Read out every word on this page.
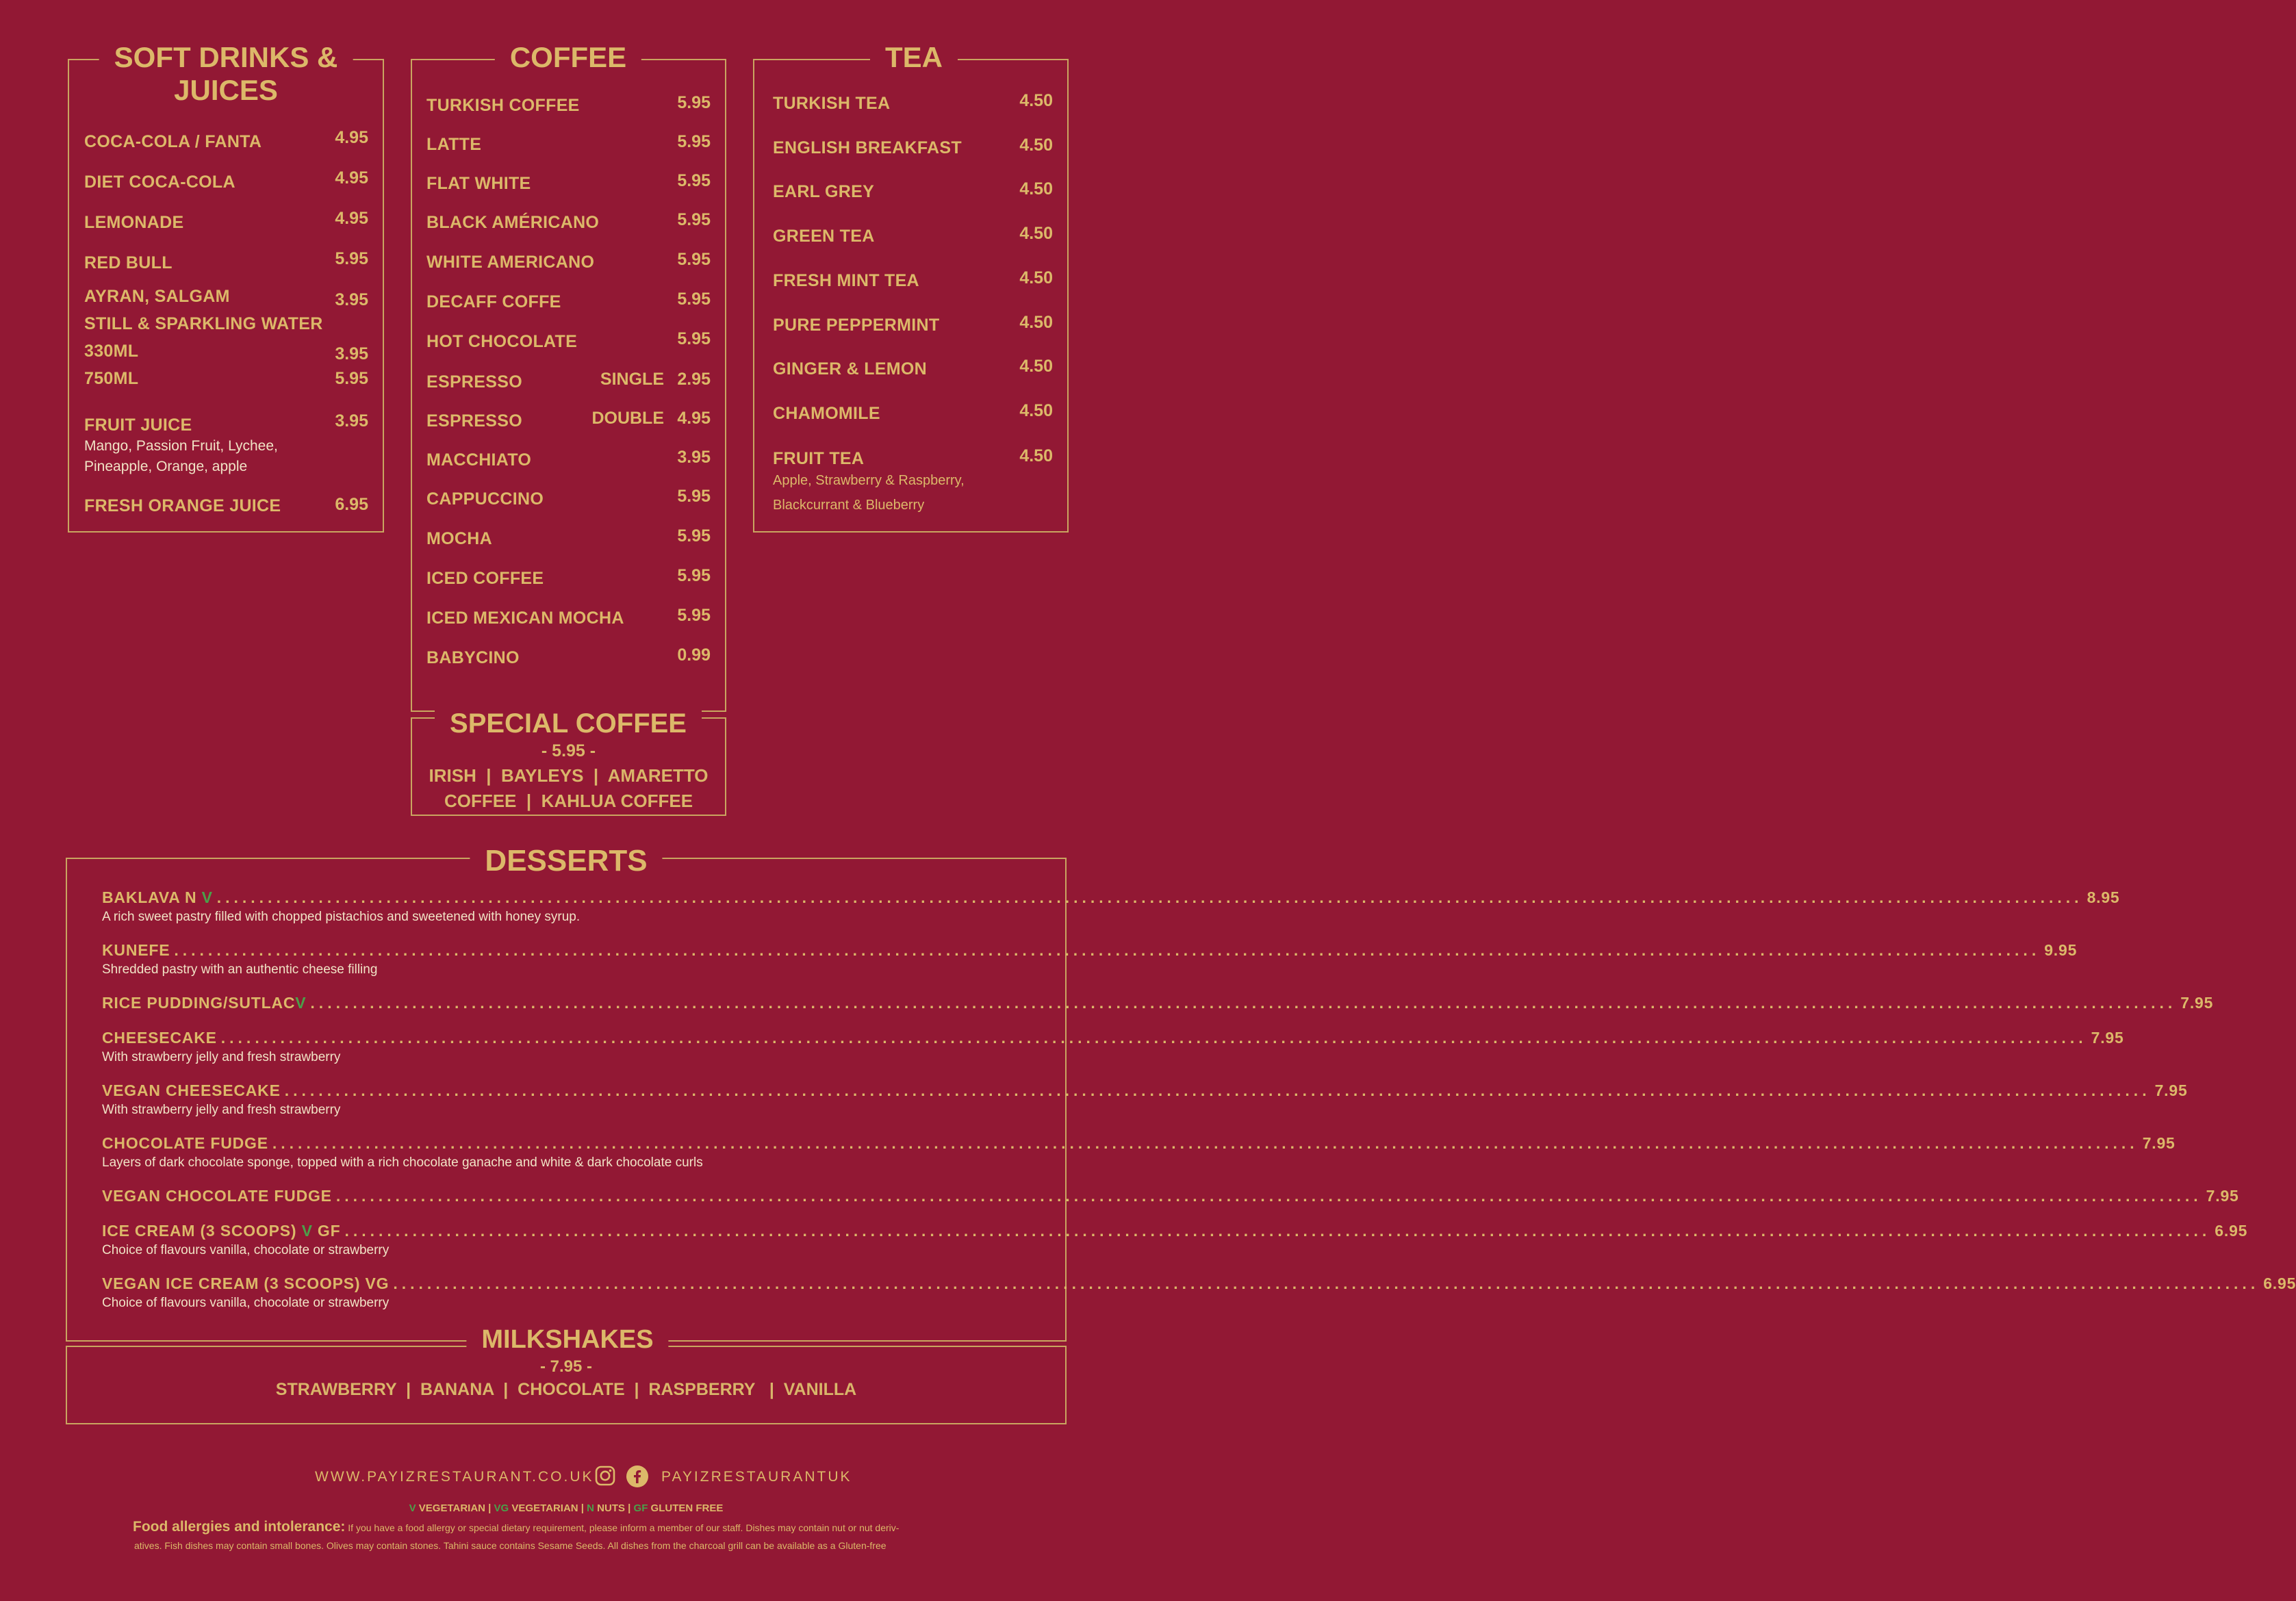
SOFT DRINKS &
JUICES
COCA-COLA / FANTA	4.95
DIET COCA-COLA	4.95
LEMONADE	4.95
RED BULL	5.95
AYRAN, SALGAM	3.95
STILL & SPARKLING WATER
330ML	3.95
750ML	5.95
FRUIT JUICE	3.95
Mango, Passion Fruit, Lychee,
Pineapple, Orange, apple
FRESH ORANGE JUICE	6.95
COFFEE
TURKISH COFFEE	5.95
LATTE	5.95
FLAT WHITE	5.95
BLACK AMÉRICANO	5.95
WHITE AMERICANO	5.95
DECAFF COFFE	5.95
HOT CHOCOLATE	5.95
ESPRESSO	SINGLE 2.95
ESPRESSO	DOUBLE 4.95
MACCHIATO	3.95
CAPPUCCINO	5.95
MOCHA	5.95
ICED COFFEE	5.95
ICED MEXICAN MOCHA	5.95
BABYCINO	0.99
TEA
TURKISH TEA	4.50
ENGLISH BREAKFAST	4.50
EARL GREY	4.50
GREEN TEA	4.50
FRESH MINT TEA	4.50
PURE PEPPERMINT	4.50
GINGER & LEMON	4.50
CHAMOMILE	4.50
FRUIT TEA	4.50
Apple, Strawberry & Raspberry,
Blackcurrant & Blueberry
SPECIAL COFFEE
- 5.95 -
IRISH  |  BAYLEYS  |  AMARETTO
COFFEE  |  KAHLUA COFFEE
DESSERTS
BAKLAVA N V ............................................................................................................................................................................................................................ 8.95
A rich sweet pastry filled with chopped pistachios and sweetened with honey syrup.
KUNEFE ............................................................................................................................................................................................................................ 9.95
Shredded pastry with an authentic cheese filling
RICE PUDDING/SUTLACV ............................................................................................................................................................................................................................ 7.95
CHEESECAKE ............................................................................................................................................................................................................................ 7.95
With strawberry jelly and fresh strawberry
VEGAN CHEESECAKE ............................................................................................................................................................................................................................ 7.95
With strawberry jelly and fresh strawberry
CHOCOLATE FUDGE ............................................................................................................................................................................................................................ 7.95
Layers of dark chocolate sponge, topped with a rich chocolate ganache and white & dark chocolate curls
VEGAN CHOCOLATE FUDGE ............................................................................................................................................................................................................................ 7.95
ICE CREAM (3 SCOOPS) V GF ............................................................................................................................................................................................................................ 6.95
Choice of flavours vanilla, chocolate or strawberry
VEGAN ICE CREAM (3 SCOOPS) VG ............................................................................................................................................................................................................................ 6.95
Choice of flavours vanilla, chocolate or strawberry
MILKSHAKES
- 7.95 -
STRAWBERRY  |  BANANA  |  CHOCOLATE  |  RASPBERRY   |  VANILLA
WWW.PAYIZRESTAURANT.CO.UK	PAYIZRESTAURANTUK
V VEGETARIAN | VG VEGETARIAN | N NUTS | GF GLUTEN FREE
Food allergies and intolerance: If you have a food allergy or special dietary requirement, please inform a member of our staff. Dishes may contain nut or nut deriv-
atives. Fish dishes may contain small bones. Olives may contain stones. Tahini sauce contains Sesame Seeds. All dishes from the charcoal grill can be available as a Gluten-free
